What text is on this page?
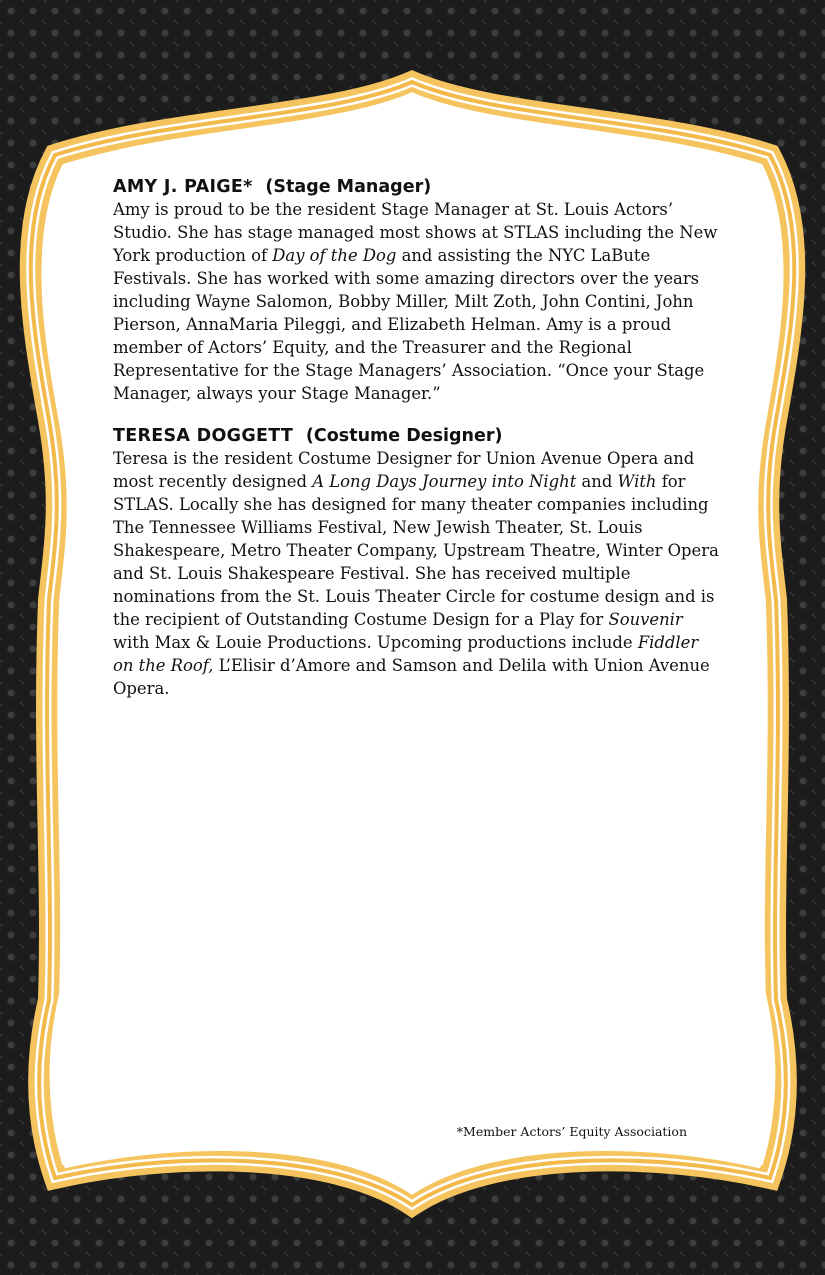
AMY J. PAIGE* (Stage Manager)

Amy is proud to be the resident Stage Manager at St. Louis Actors’ Studio. She has stage managed most shows at STLAS including the New York production of Day of the Dog and assisting the NYC LaBute Festivals. She has worked with some amazing directors over the years including Wayne Salomon, Bobby Miller, Milt Zoth, John Contini, John Pierson, AnnaMaria Pileggi, and Elizabeth Helman. Amy is a proud member of Actors’ Equity, and the Treasurer and the Regional Representative for the Stage Managers’ Association. “Once your Stage Manager, always your Stage Manager.”

TERESA DOGGETT (Costume Designer)

Teresa is the resident Costume Designer for Union Avenue Opera and most recently designed A Long Days Journey into Night and With for STLAS. Locally she has designed for many theater companies including The Tennessee Williams Festival, New Jewish Theater, St. Louis Shakespeare, Metro Theater Company, Upstream Theatre, Winter Opera and St. Louis Shakespeare Festival. She has received multiple nominations from the St. Louis Theater Circle for costume design and is the recipient of Outstanding Costume Design for a Play for Souvenir with Max & Louie Productions. Upcoming productions include Fiddler on the Roof, L’Elisir d’Amore and Samson and Delila with Union Avenue Opera.

*Member Actors’ Equity Association
